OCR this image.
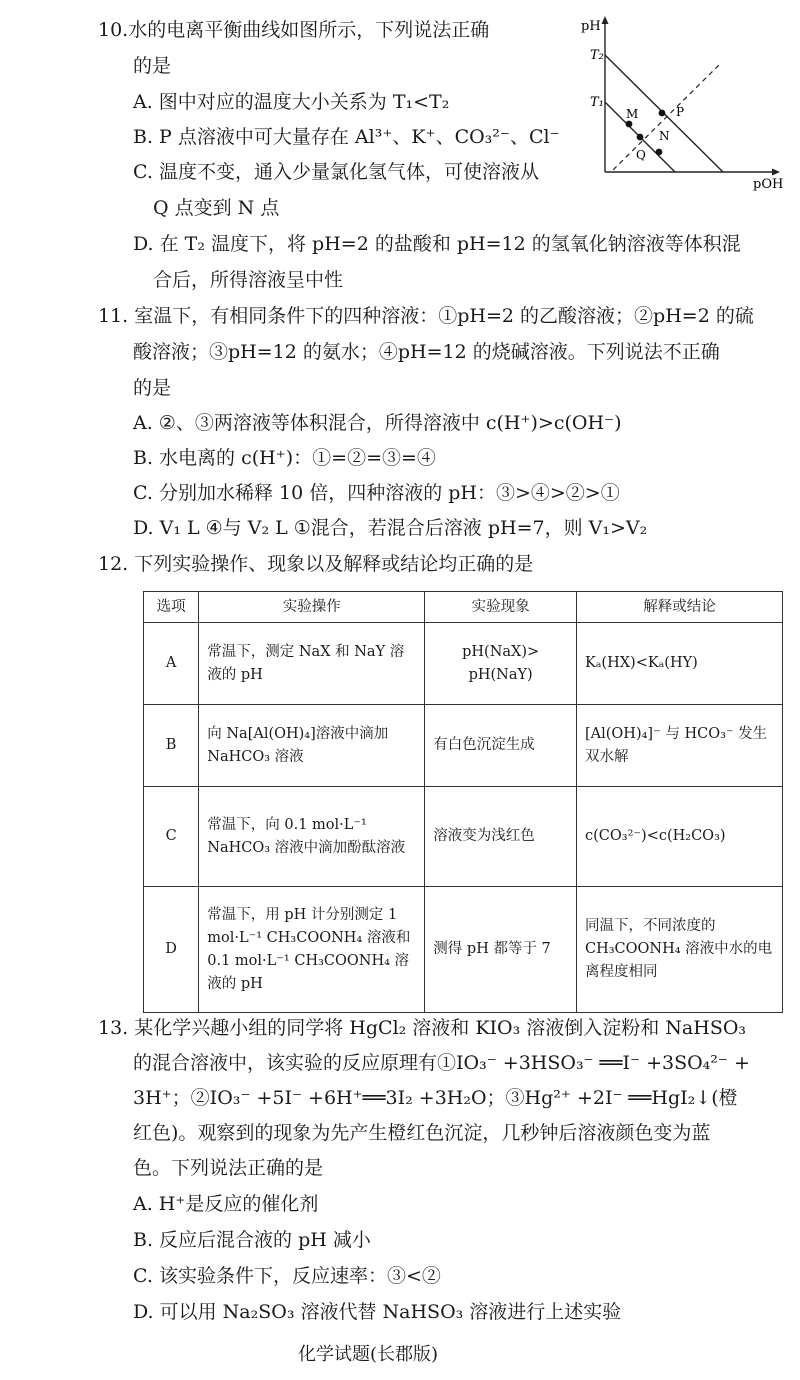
10.水的电离平衡曲线如图所示，下列说法正确
的是
A. 图中对应的温度大小关系为 T₁<T₂
B. P 点溶液中可大量存在 Al³⁺、K⁺、CO₃²⁻、Cl⁻
C. 温度不变，通入少量氯化氢气体，可使溶液从
Q 点变到 N 点
D. 在 T₂ 温度下，将 pH=2 的盐酸和 pH=12 的氢氧化钠溶液等体积混
合后，所得溶液呈中性
pH
pOH
T₂
T₁
M	P
Q
N
11. 室温下，有相同条件下的四种溶液：①pH=2 的乙酸溶液；②pH=2 的硫
酸溶液；③pH=12 的氨水；④pH=12 的烧碱溶液。下列说法不正确
的是
A. ②、③两溶液等体积混合，所得溶液中 c(H⁺)>c(OH⁻)
B. 水电离的 c(H⁺)：①=②=③=④
C. 分别加水稀释 10 倍，四种溶液的 pH：③>④>②>①
D. V₁ L ④与 V₂ L ①混合，若混合后溶液 pH=7，则 V₁>V₂
12. 下列实验操作、现象以及解释或结论均正确的是
选项	实验操作	实验现象	解释或结论
A	常温下，测定 NaX 和 NaY 溶液的 pH	pH(NaX)> pH(NaY)	Kₐ(HX)<Kₐ(HY)
B	向 Na[Al(OH)₄]溶液中滴加 NaHCO₃ 溶液	有白色沉淀生成	[Al(OH)₄]⁻ 与 HCO₃⁻ 发生双水解
C	常温下，向 0.1 mol·L⁻¹ NaHCO₃ 溶液中滴加酚酞溶液	溶液变为浅红色	c(CO₃²⁻)<c(H₂CO₃)
D	常温下，用 pH 计分别测定 1 mol·L⁻¹ CH₃COONH₄ 溶液和 0.1 mol·L⁻¹ CH₃COONH₄ 溶液的 pH	测得 pH 都等于 7	同温下，不同浓度的 CH₃COONH₄ 溶液中水的电离程度相同
13. 某化学兴趣小组的同学将 HgCl₂ 溶液和 KIO₃ 溶液倒入淀粉和 NaHSO₃
的混合溶液中，该实验的反应原理有①IO₃⁻ +3HSO₃⁻ ══I⁻ +3SO₄²⁻ +
3H⁺；②IO₃⁻ +5I⁻ +6H⁺══3I₂ +3H₂O；③Hg²⁺ +2I⁻ ══HgI₂↓(橙
红色)。观察到的现象为先产生橙红色沉淀，几秒钟后溶液颜色变为蓝
色。下列说法正确的是
A. H⁺是反应的催化剂
B. 反应后混合液的 pH 减小
C. 该实验条件下，反应速率：③<②
D. 可以用 Na₂SO₃ 溶液代替 NaHSO₃ 溶液进行上述实验
化学试题(长郡版)
